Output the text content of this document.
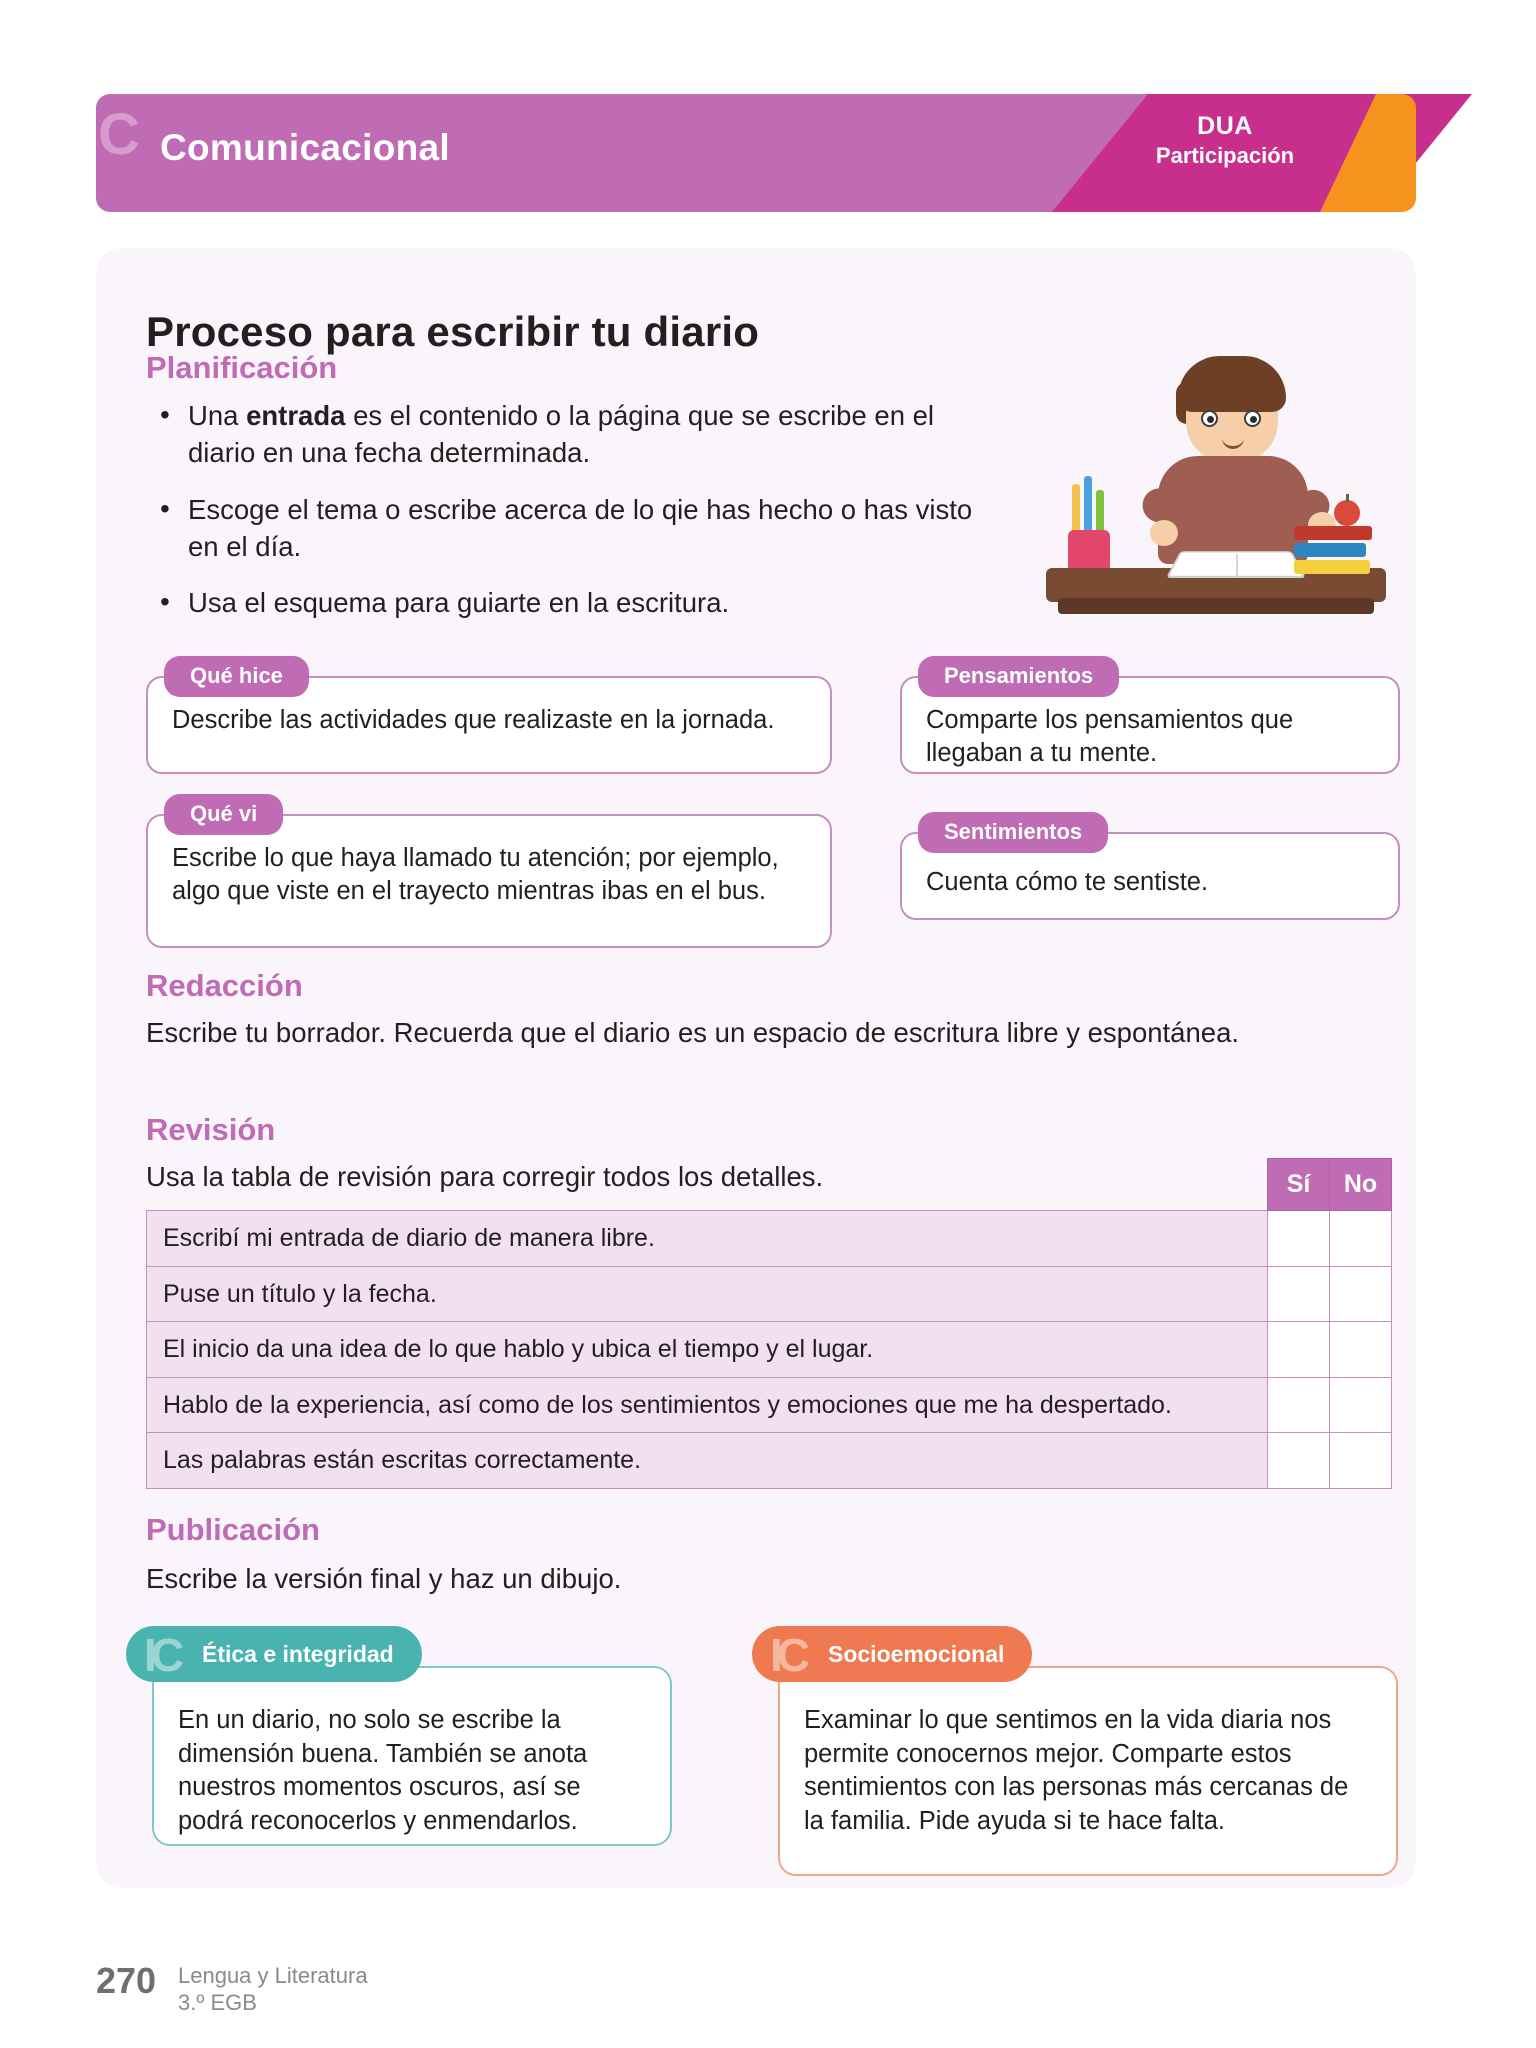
C Comunicacional
DUA
Participación
Proceso para escribir tu diario
Planificación
• Una entrada es el contenido o la página que se escribe en el diario en una fecha determinada.
• Escoge el tema o escribe acerca de lo qie has hecho o has visto en el día.
• Usa el esquema para guiarte en la escritura.
Qué hice
Describe las actividades que realizaste en la jornada.
Qué vi
Escribe lo que haya llamado tu atención; por ejemplo, algo que viste en el trayecto mientras ibas en el bus.
Pensamientos
Comparte los pensamientos que llegaban a tu mente.
Sentimientos
Cuenta cómo te sentiste.
Redacción
Escribe tu borrador. Recuerda que el diario es un espacio de escritura libre y espontánea.
Revisión
Usa la tabla de revisión para corregir todos los detalles.
		Sí	No
Escribí mi entrada de diario de manera libre.		
Puse un título y la fecha.		
El inicio da una idea de lo que hablo y ubica el tiempo y el lugar.		
Hablo de la experiencia, así como de los sentimientos y emociones que me ha despertado.		
Las palabras están escritas correctamente.		
Publicación
Escribe la versión final y haz un dibujo.
IC Ética e integridad
En un diario, no solo se escribe la dimensión buena. También se anota nuestros momentos oscuros, así se podrá reconocerlos y enmendarlos.
IC Socioemocional
Examinar lo que sentimos en la vida diaria nos permite conocernos mejor. Comparte estos sentimientos con las personas más cercanas de la familia. Pide ayuda si te hace falta.
270 Lengua y Literatura
3.º EGB
